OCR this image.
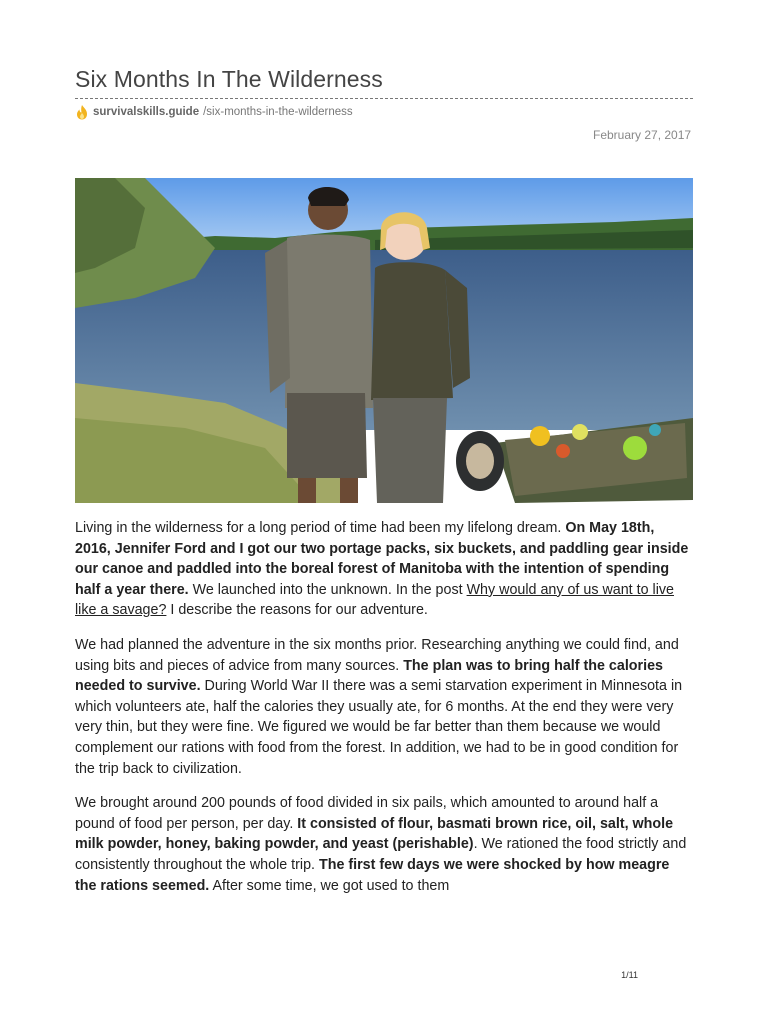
Six Months In The Wilderness
survivalskills.guide /six-months-in-the-wilderness
February 27, 2017

Living in the wilderness for a long period of time had been my lifelong dream. On May 18th, 2016, Jennifer Ford and I got our two portage packs, six buckets, and paddling gear inside our canoe and paddled into the boreal forest of Manitoba with the intention of spending half a year there. We launched into the unknown. In the post Why would any of us want to live like a savage? I describe the reasons for our adventure.

We had planned the adventure in the six months prior. Researching anything we could find, and using bits and pieces of advice from many sources. The plan was to bring half the calories needed to survive. During World War II there was a semi starvation experiment in Minnesota in which volunteers ate, half the calories they usually ate, for 6 months. At the end they were very very thin, but they were fine. We figured we would be far better than them because we would complement our rations with food from the forest. In addition, we had to be in good condition for the trip back to civilization.

We brought around 200 pounds of food divided in six pails, which amounted to around half a pound of food per person, per day. It consisted of flour, basmati brown rice, oil, salt, whole milk powder, honey, baking powder, and yeast (perishable). We rationed the food strictly and consistently throughout the whole trip. The first few days we were shocked by how meagre the rations seemed. After some time, we got used to them

1/11
